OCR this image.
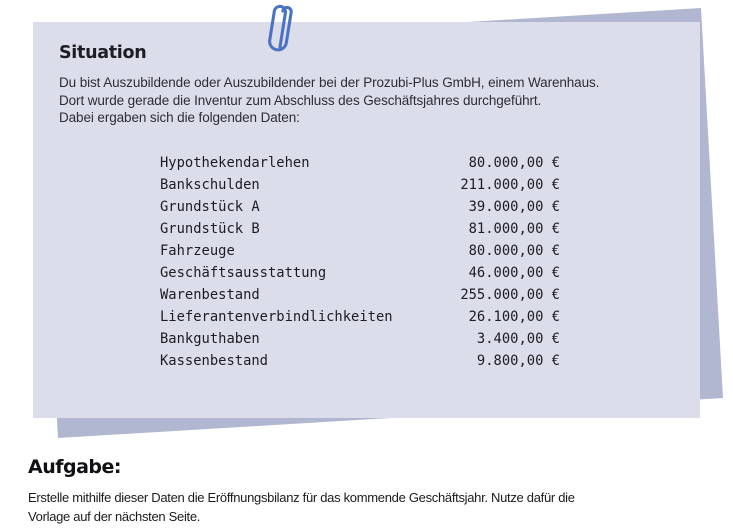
Situation
Du bist Auszubildende oder Auszubildender bei der Prozubi-Plus GmbH, einem Warenhaus.
Dort wurde gerade die Inventur zum Abschluss des Geschäftsjahres durchgeführt.
Dabei ergaben sich die folgenden Daten:
Hypothekendarlehen	80.000,00 €
Bankschulden	211.000,00 €
Grundstück A	39.000,00 €
Grundstück B	81.000,00 €
Fahrzeuge	80.000,00 €
Geschäftsausstattung	46.000,00 €
Warenbestand	255.000,00 €
Lieferantenverbindlichkeiten	26.100,00 €
Bankguthaben	3.400,00 €
Kassenbestand	9.800,00 €
Aufgabe:
Erstelle mithilfe dieser Daten die Eröffnungsbilanz für das kommende Geschäftsjahr. Nutze dafür die
Vorlage auf der nächsten Seite.
